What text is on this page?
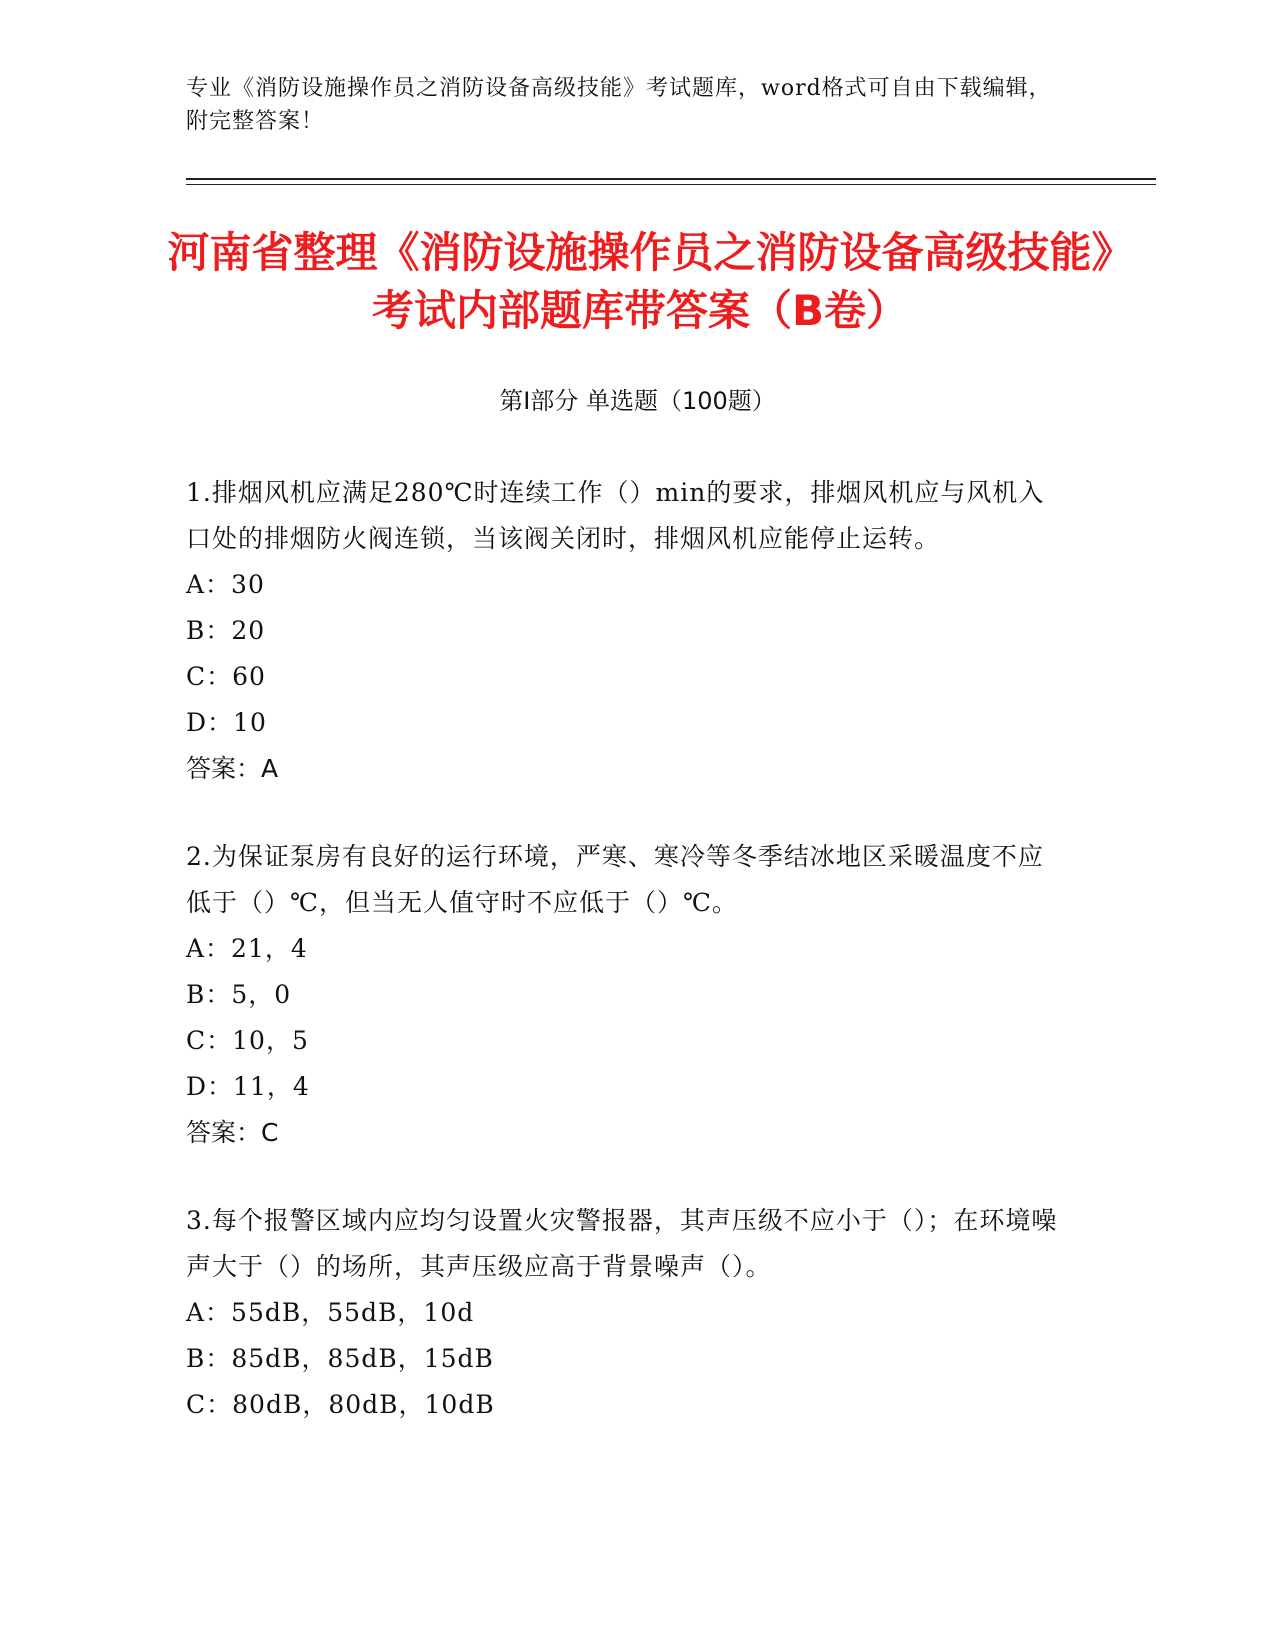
专业《消防设施操作员之消防设备高级技能》考试题库，word格式可自由下载编辑，附完整答案！
河南省整理《消防设施操作员之消防设备高级技能》考试内部题库带答案（B卷）
第Ⅰ部分 单选题（100题）
1.排烟风机应满足280℃时连续工作（）min的要求，排烟风机应与风机入口处的排烟防火阀连锁，当该阀关闭时，排烟风机应能停止运转。
A：30
B：20
C：60
D：10
答案：A
2.为保证泵房有良好的运行环境，严寒、寒冷等冬季结冰地区采暖温度不应低于（）℃，但当无人值守时不应低于（）℃。
A：21，4
B：5，0
C：10，5
D：11，4
答案：C
3.每个报警区域内应均匀设置火灾警报器，其声压级不应小于（）；在环境噪声大于（）的场所，其声压级应高于背景噪声（）。
A：55dB，55dB，10d
B：85dB，85dB，15dB
C：80dB，80dB，10dB
